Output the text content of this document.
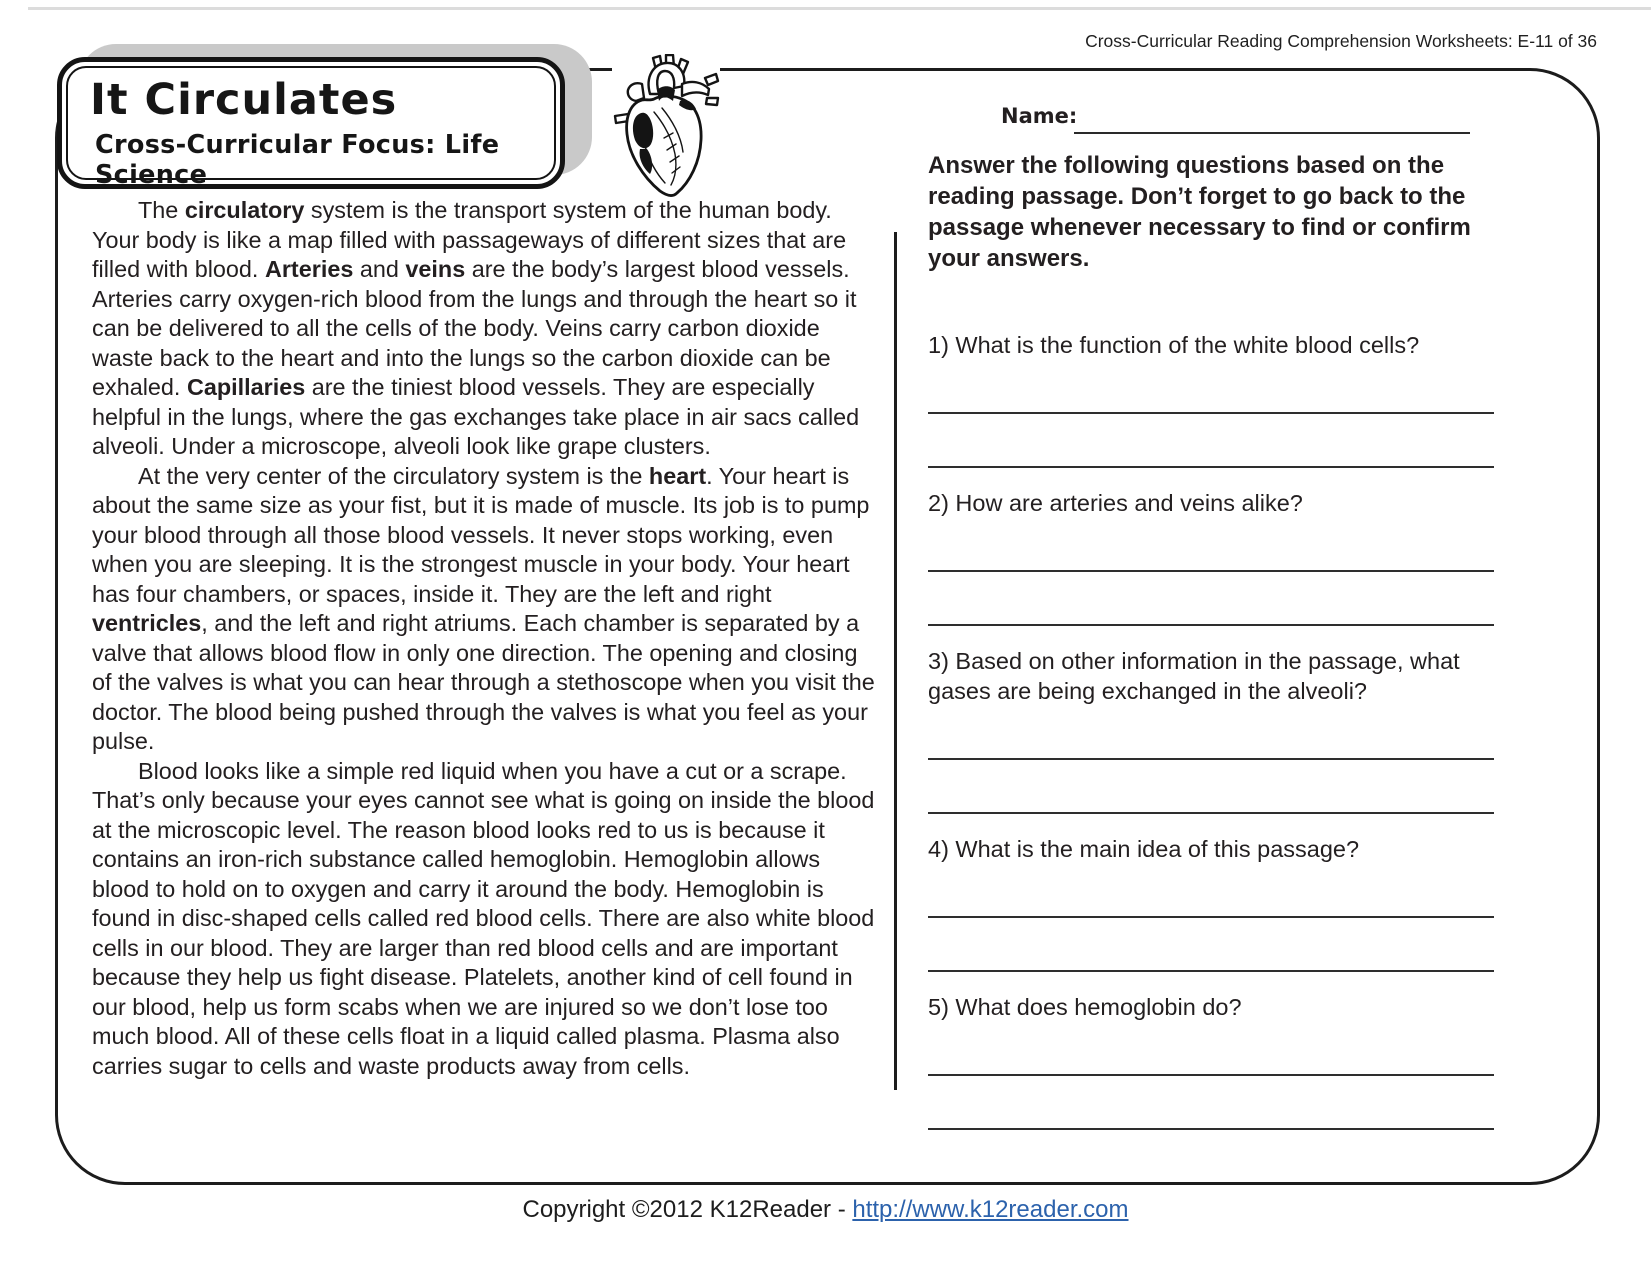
Cross-Curricular Reading Comprehension Worksheets: E-11 of 36
It Circulates
Cross-Curricular Focus: Life Science
Name:

The circulatory system is the transport system of the human body. Your body is like a map filled with passageways of different sizes that are filled with blood. Arteries and veins are the body’s largest blood vessels. Arteries carry oxygen-rich blood from the lungs and through the heart so it can be delivered to all the cells of the body. Veins carry carbon dioxide waste back to the heart and into the lungs so the carbon dioxide can be exhaled. Capillaries are the tiniest blood vessels. They are especially helpful in the lungs, where the gas exchanges take place in air sacs called alveoli. Under a microscope, alveoli look like grape clusters.

At the very center of the circulatory system is the heart. Your heart is about the same size as your fist, but it is made of muscle. Its job is to pump your blood through all those blood vessels. It never stops working, even when you are sleeping. It is the strongest muscle in your body. Your heart has four chambers, or spaces, inside it. They are the left and right ventricles, and the left and right atriums. Each chamber is separated by a valve that allows blood flow in only one direction. The opening and closing of the valves is what you can hear through a stethoscope when you visit the doctor. The blood being pushed through the valves is what you feel as your pulse.

Blood looks like a simple red liquid when you have a cut or a scrape. That’s only because your eyes cannot see what is going on inside the blood at the microscopic level. The reason blood looks red to us is because it contains an iron-rich substance called hemoglobin. Hemoglobin allows blood to hold on to oxygen and carry it around the body. Hemoglobin is found in disc-shaped cells called red blood cells. There are also white blood cells in our blood. They are larger than red blood cells and are important because they help us fight disease. Platelets, another kind of cell found in our blood, help us form scabs when we are injured so we don’t lose too much blood. All of these cells float in a liquid called plasma. Plasma also carries sugar to cells and waste products away from cells.

Answer the following questions based on the reading passage. Don’t forget to go back to the passage whenever necessary to find or confirm your answers.

1) What is the function of the white blood cells?

2) How are arteries and veins alike?

3) Based on other information in the passage, what gases are being exchanged in the alveoli?

4) What is the main idea of this passage?

5) What does hemoglobin do?

Copyright ©2012 K12Reader - http://www.k12reader.com
